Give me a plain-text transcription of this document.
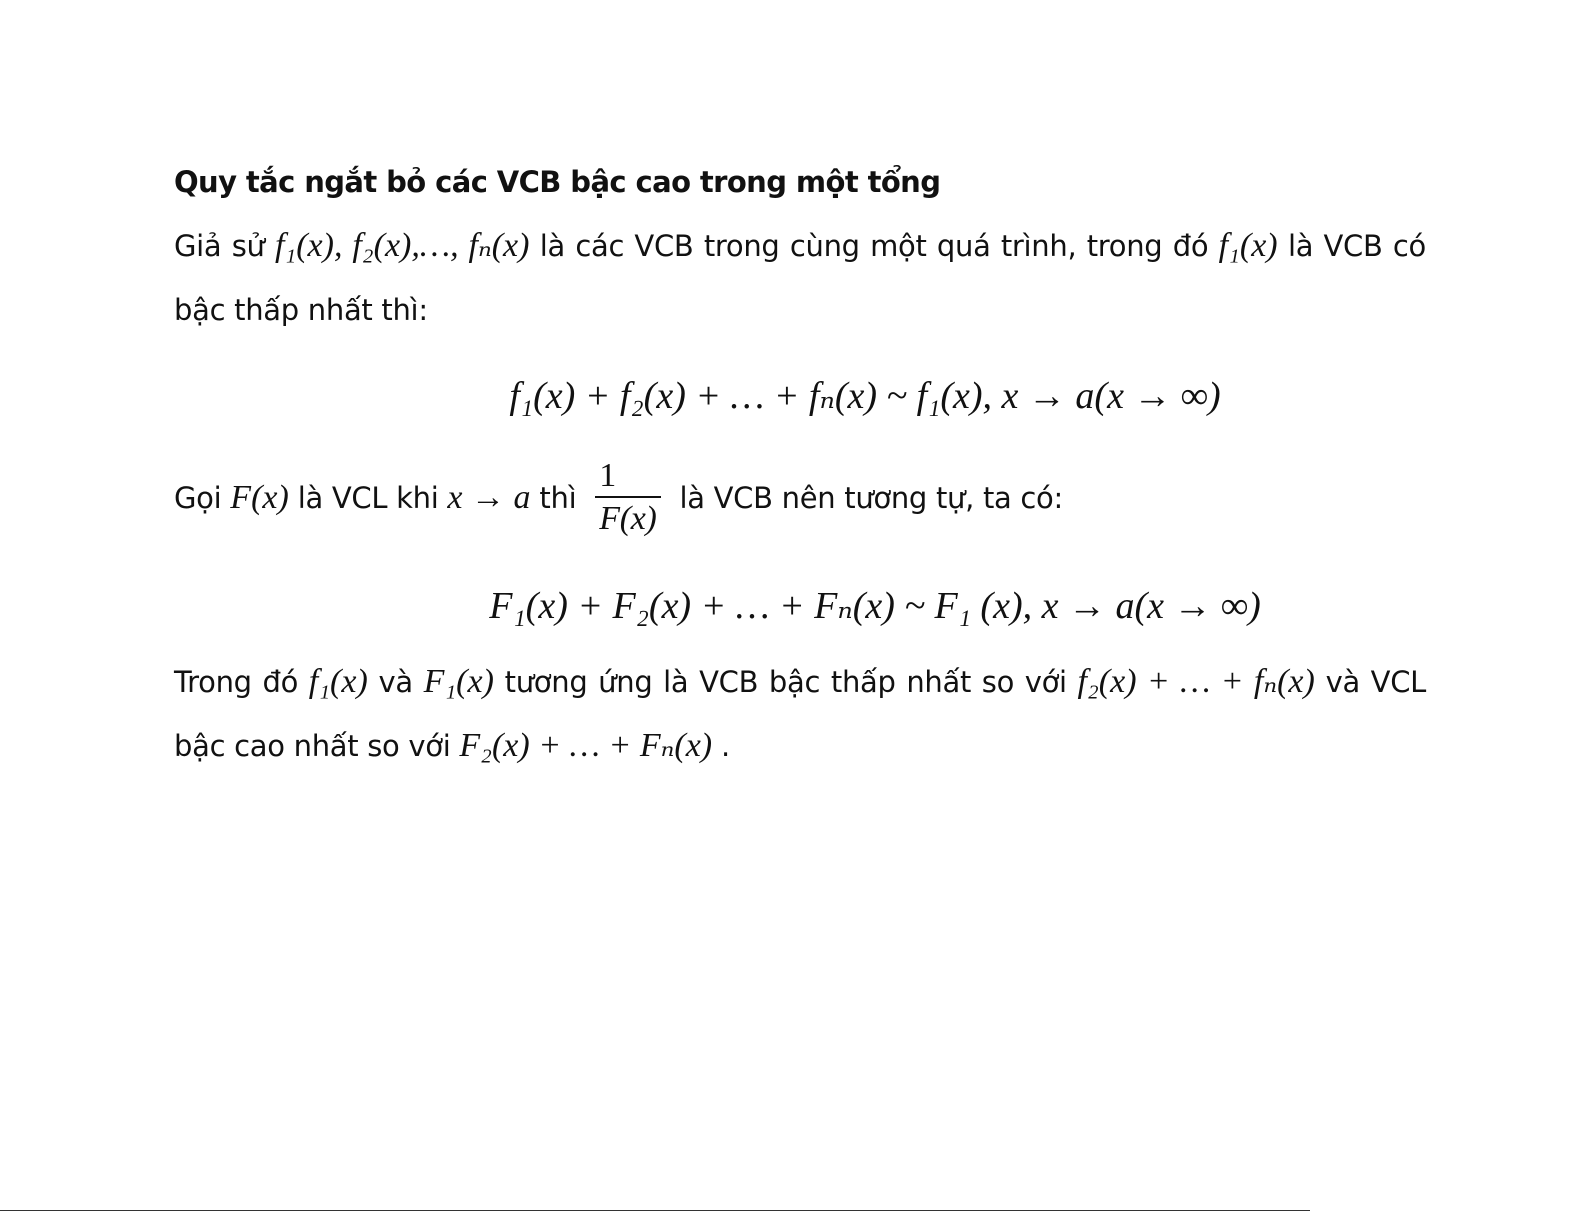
Quy tắc ngắt bỏ các VCB bậc cao trong một tổng

Giả sử f₁(x), f₂(x),…, fₙ(x) là các VCB trong cùng một quá trình, trong đó f₁(x) là VCB có bậc thấp nhất thì:

f₁(x) + f₂(x) + … + fₙ(x) ~ f₁(x), x → a(x → ∞)

Gọi F(x) là VCL khi x → a thì $\frac{1}{F(x)}$ là VCB nên tương tự, ta có:

F₁(x) + F₂(x) + … + Fₙ(x) ~ F₁ (x), x → a(x → ∞)

Trong đó f₁(x) và F₁(x) tương ứng là VCB bậc thấp nhất so với f₂(x) + … + fₙ(x) và VCL bậc cao nhất so với F₂(x) + … + Fₙ(x) .
